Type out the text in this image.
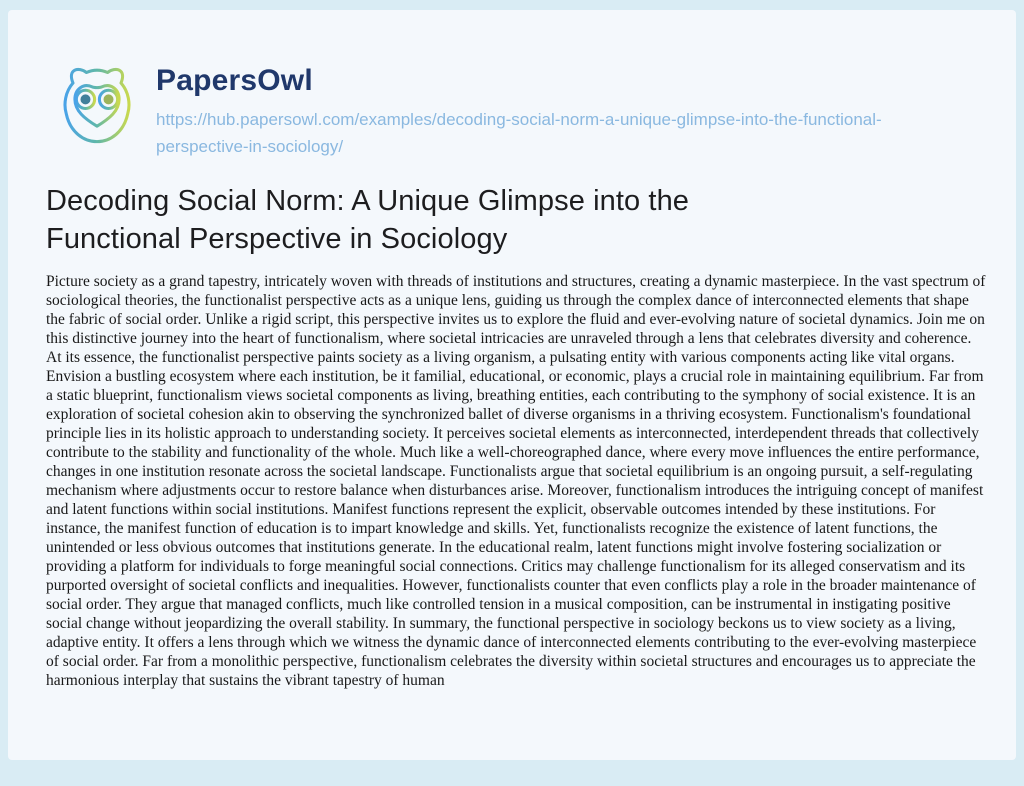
PapersOwl
https://hub.papersowl.com/examples/decoding-social-norm-a-unique-glimpse-into-the-functional-perspective-in-sociology/
Decoding Social Norm: A Unique Glimpse into the Functional Perspective in Sociology

Picture society as a grand tapestry, intricately woven with threads of institutions and structures, creating a dynamic masterpiece. In the vast spectrum of sociological theories, the functionalist perspective acts as a unique lens, guiding us through the complex dance of interconnected elements that shape the fabric of social order. Unlike a rigid script, this perspective invites us to explore the fluid and ever-evolving nature of societal dynamics. Join me on this distinctive journey into the heart of functionalism, where societal intricacies are unraveled through a lens that celebrates diversity and coherence. At its essence, the functionalist perspective paints society as a living organism, a pulsating entity with various components acting like vital organs. Envision a bustling ecosystem where each institution, be it familial, educational, or economic, plays a crucial role in maintaining equilibrium. Far from a static blueprint, functionalism views societal components as living, breathing entities, each contributing to the symphony of social existence. It is an exploration of societal cohesion akin to observing the synchronized ballet of diverse organisms in a thriving ecosystem. Functionalism's foundational principle lies in its holistic approach to understanding society. It perceives societal elements as interconnected, interdependent threads that collectively contribute to the stability and functionality of the whole. Much like a well-choreographed dance, where every move influences the entire performance, changes in one institution resonate across the societal landscape. Functionalists argue that societal equilibrium is an ongoing pursuit, a self-regulating mechanism where adjustments occur to restore balance when disturbances arise. Moreover, functionalism introduces the intriguing concept of manifest and latent functions within social institutions. Manifest functions represent the explicit, observable outcomes intended by these institutions. For instance, the manifest function of education is to impart knowledge and skills. Yet, functionalists recognize the existence of latent functions, the unintended or less obvious outcomes that institutions generate. In the educational realm, latent functions might involve fostering socialization or providing a platform for individuals to forge meaningful social connections. Critics may challenge functionalism for its alleged conservatism and its purported oversight of societal conflicts and inequalities. However, functionalists counter that even conflicts play a role in the broader maintenance of social order. They argue that managed conflicts, much like controlled tension in a musical composition, can be instrumental in instigating positive social change without jeopardizing the overall stability. In summary, the functional perspective in sociology beckons us to view society as a living, adaptive entity. It offers a lens through which we witness the dynamic dance of interconnected elements contributing to the ever-evolving masterpiece of social order. Far from a monolithic perspective, functionalism celebrates the diversity within societal structures and encourages us to appreciate the harmonious interplay that sustains the vibrant tapestry of human
